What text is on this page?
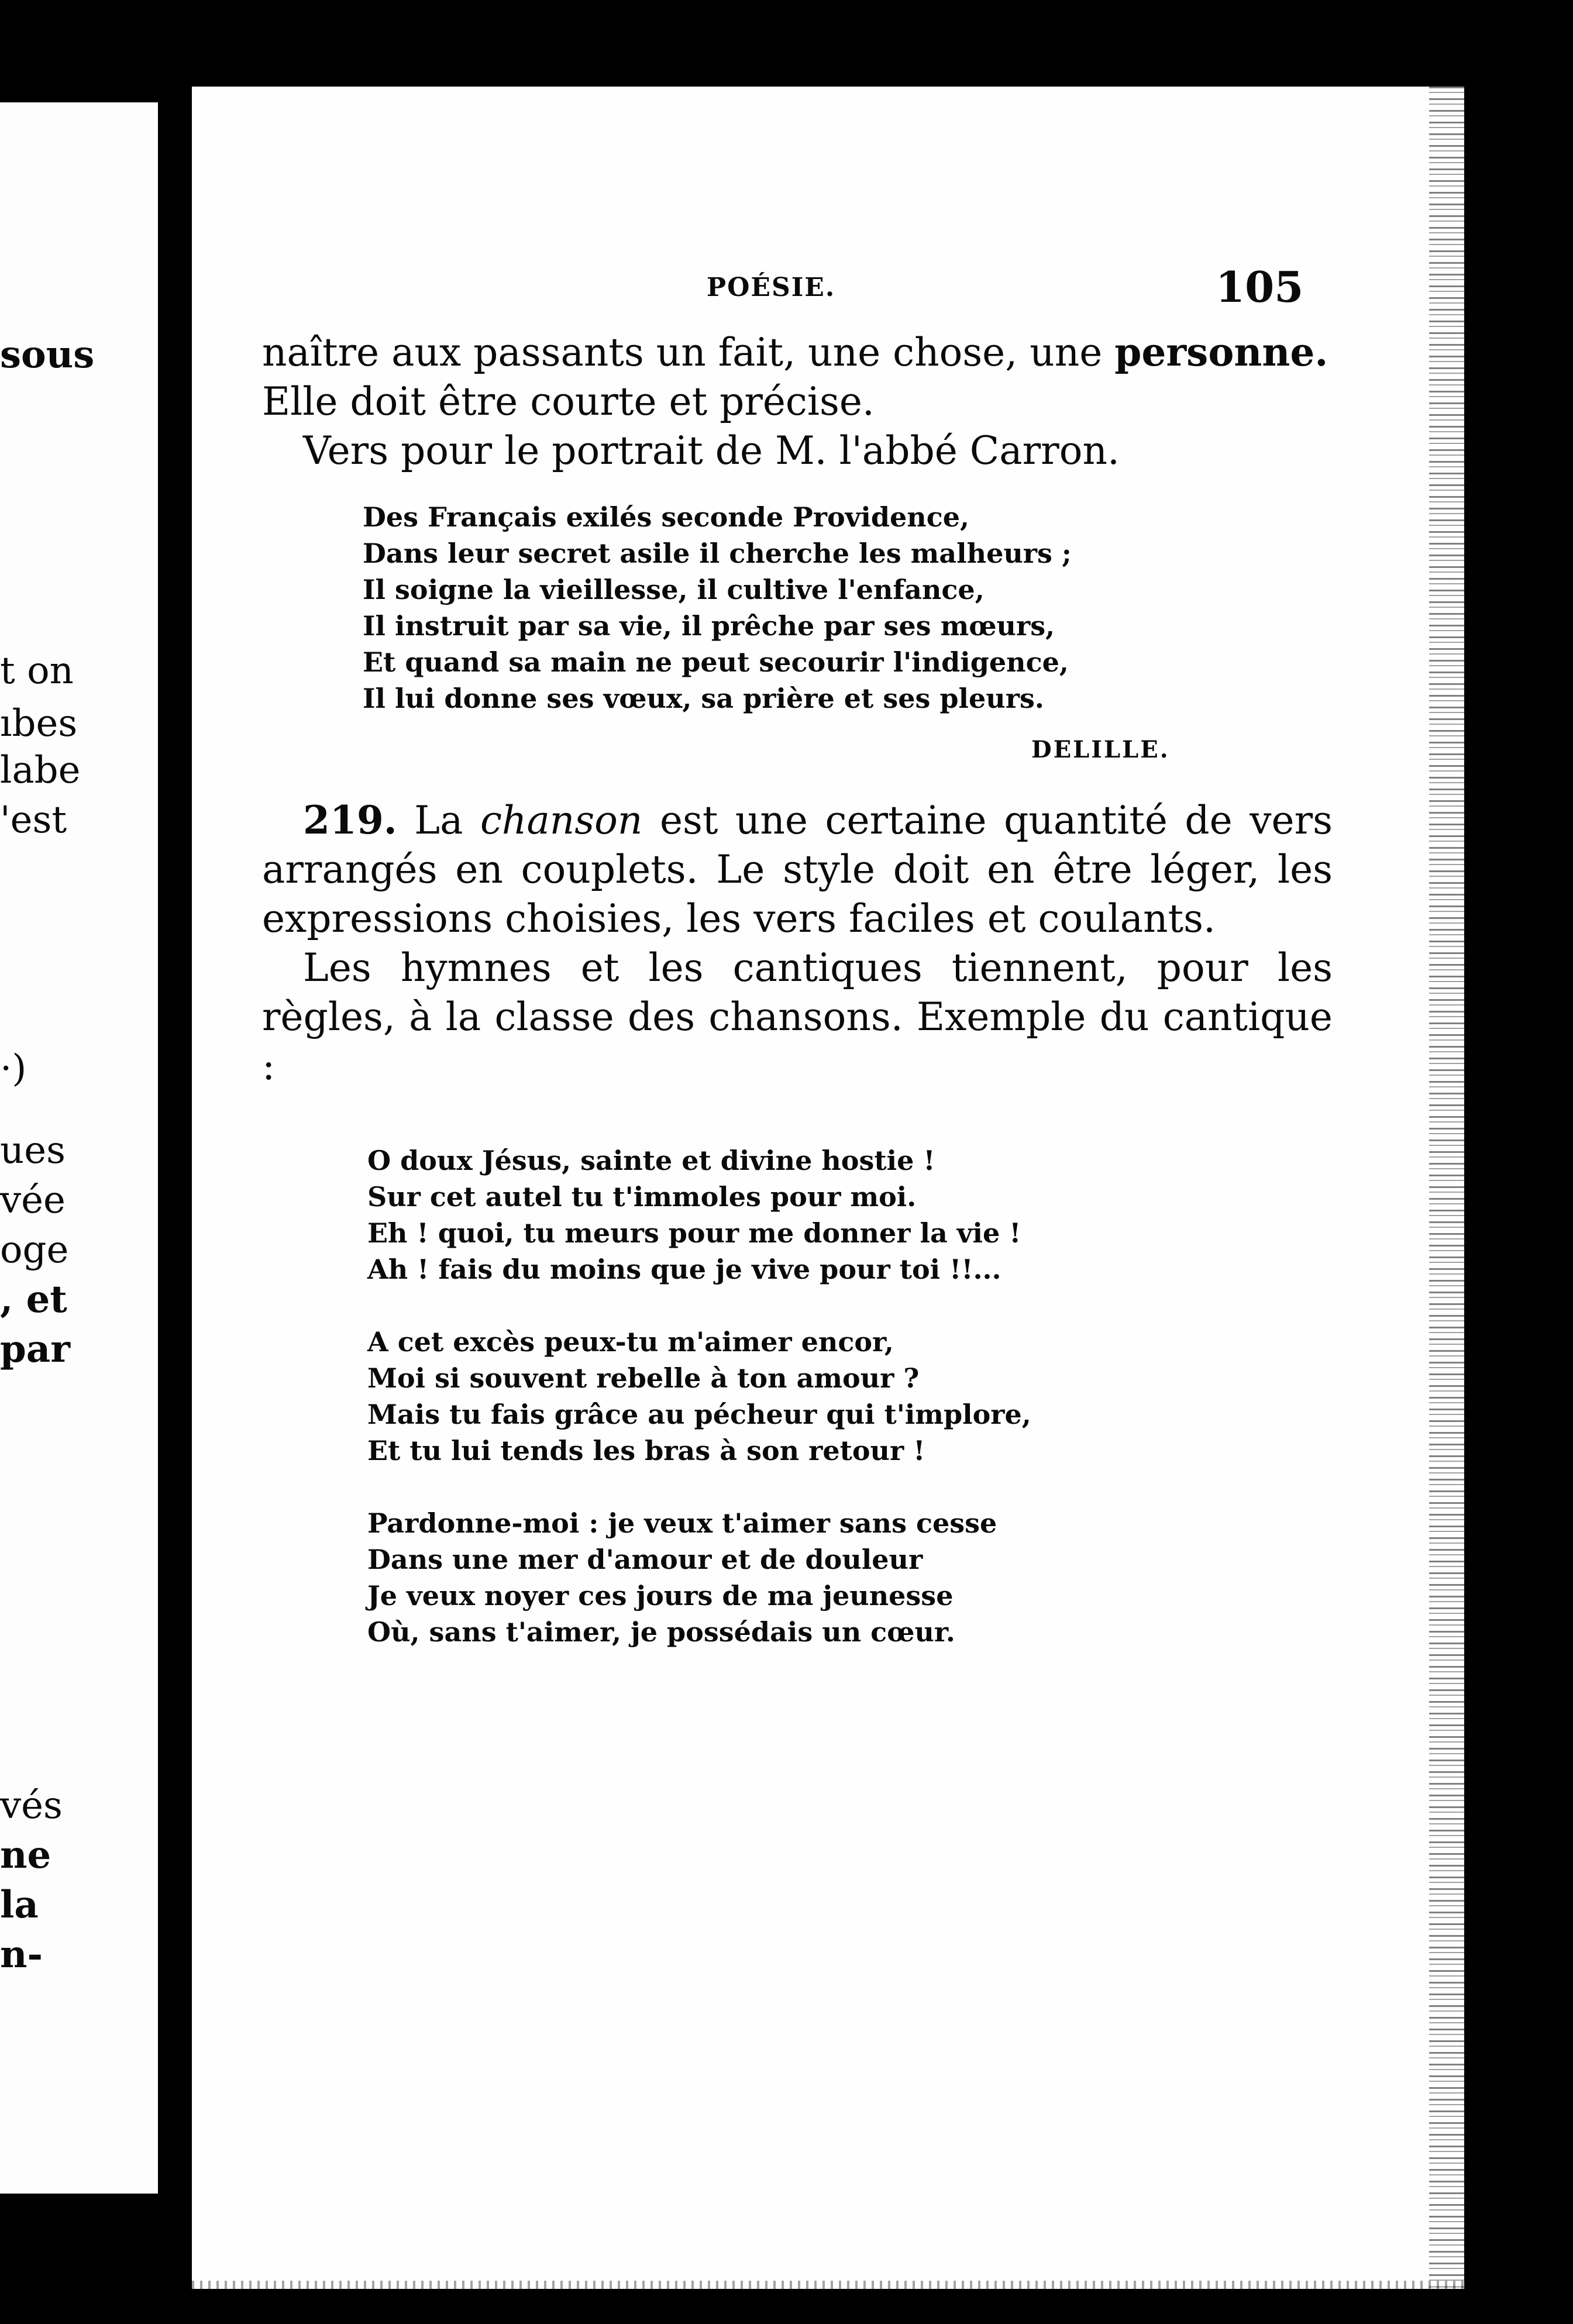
sous
t on
ıbes
labe
'est
·)
ues
vée
oge
, et
par
vés
ne
la
n-
POÉSIE.	105

naître aux passants un fait, une chose, une personne.

Elle doit être courte et précise.

Vers pour le portrait de M. l'abbé Carron.

Des Français exilés seconde Providence,
Dans leur secret asile il cherche les malheurs ;
Il soigne la vieillesse, il cultive l'enfance,
Il instruit par sa vie, il prêche par ses mœurs,
Et quand sa main ne peut secourir l'indigence,
Il lui donne ses vœux, sa prière et ses pleurs.
DELILLE.

219. La chanson est une certaine quantité de vers arrangés en couplets. Le style doit en être léger, les expressions choisies, les vers faciles et coulants.

Les hymnes et les cantiques tiennent, pour les règles, à la classe des chansons. Exemple du cantique :

O doux Jésus, sainte et divine hostie !
Sur cet autel tu t'immoles pour moi.
Eh ! quoi, tu meurs pour me donner la vie !
Ah ! fais du moins que je vive pour toi !!...
A cet excès peux-tu m'aimer encor,
Moi si souvent rebelle à ton amour ?
Mais tu fais grâce au pécheur qui t'implore,
Et tu lui tends les bras à son retour !
Pardonne-moi : je veux t'aimer sans cesse
Dans une mer d'amour et de douleur
Je veux noyer ces jours de ma jeunesse
Où, sans t'aimer, je possédais un cœur.
